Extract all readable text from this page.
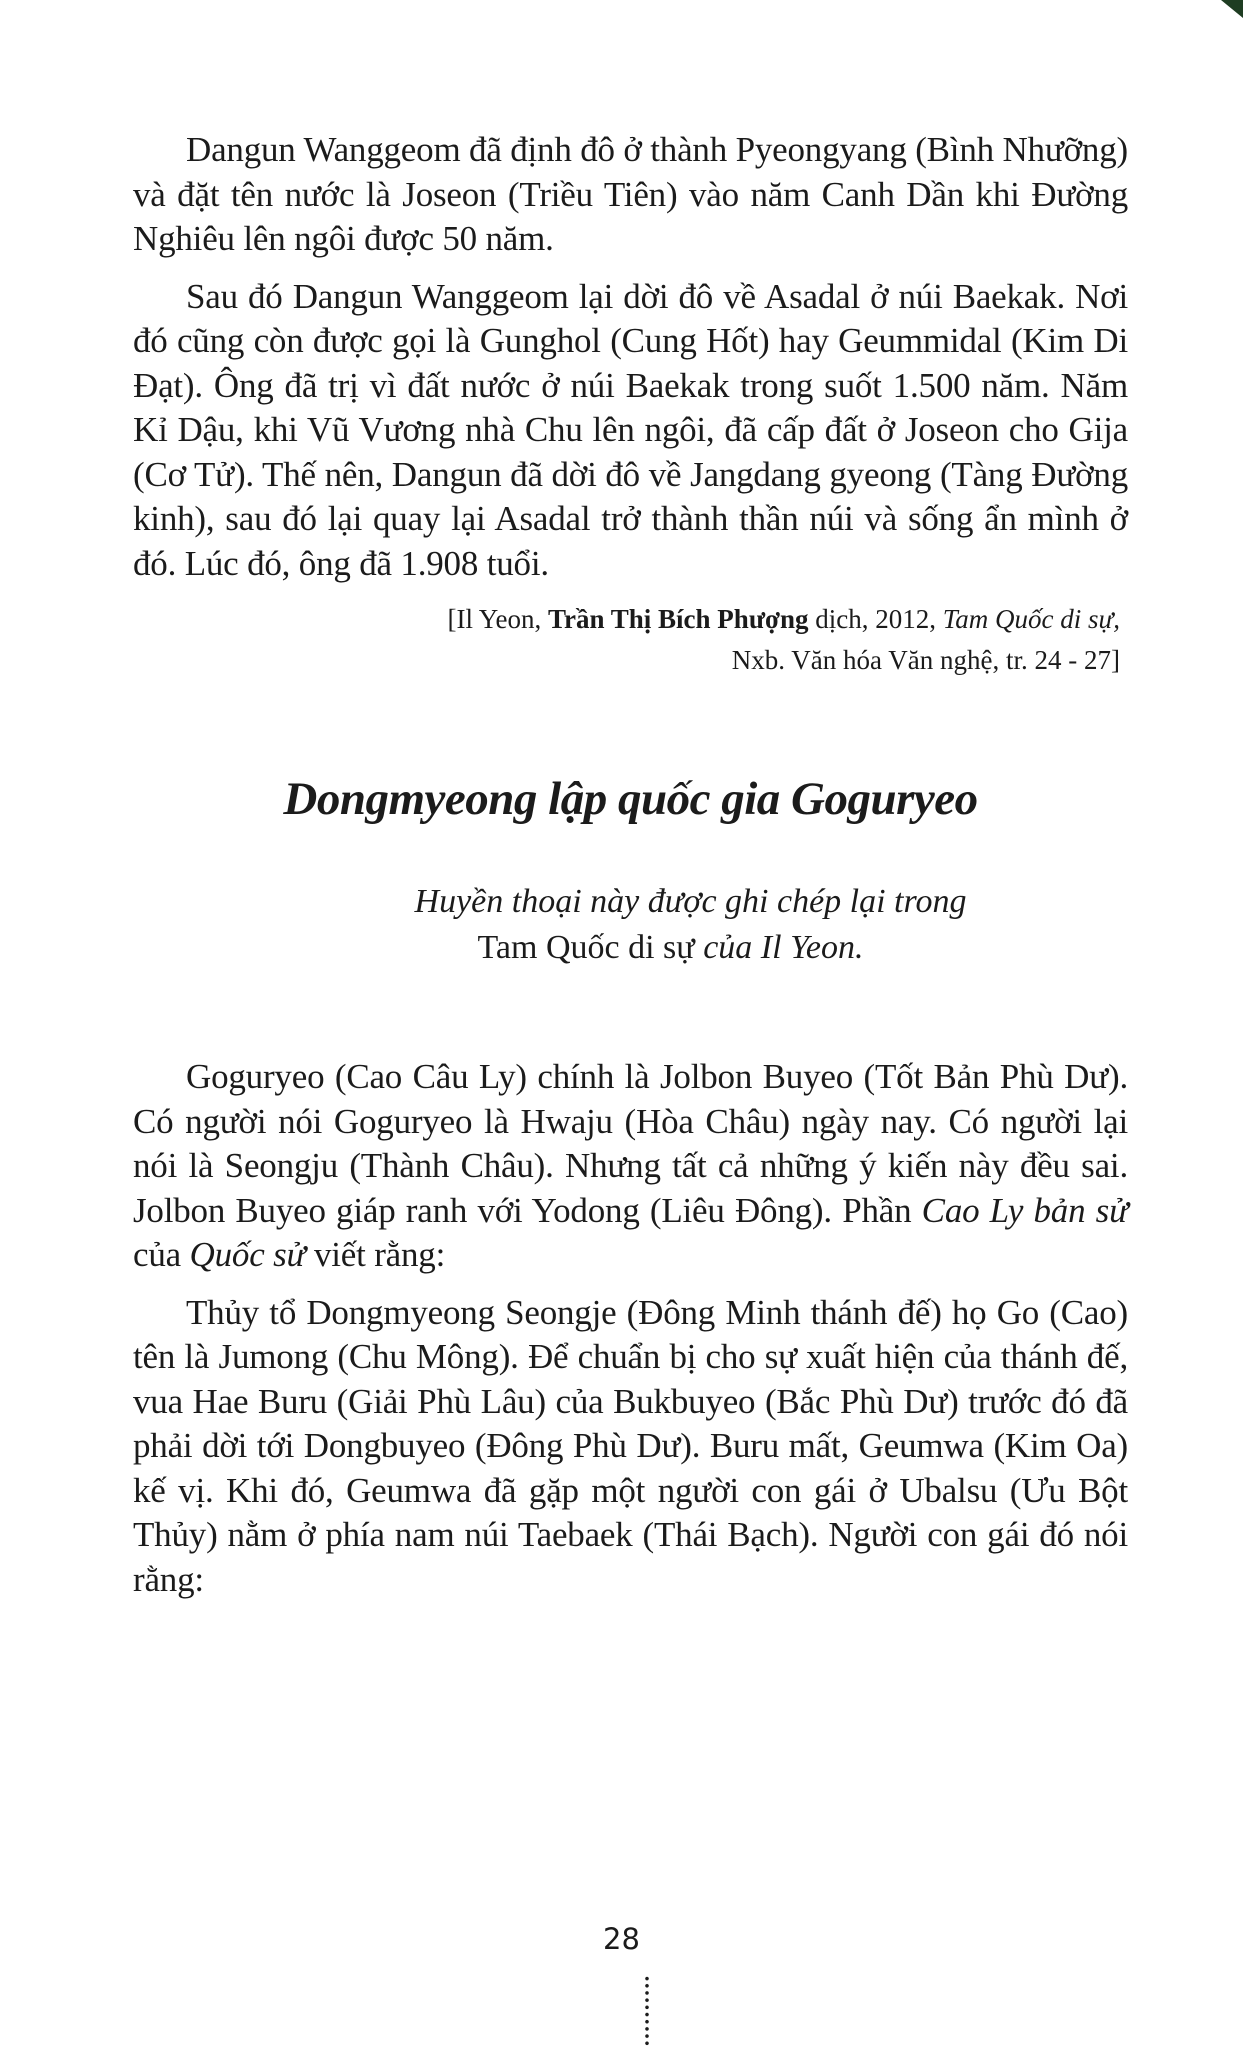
Dangun Wanggeom đã định đô ở thành Pyeongyang (Bình Nhưỡng) và đặt tên nước là Joseon (Triều Tiên) vào năm Canh Dần khi Đường Nghiêu lên ngôi được 50 năm.

Sau đó Dangun Wanggeom lại dời đô về Asadal ở núi Baekak. Nơi đó cũng còn được gọi là Gunghol (Cung Hốt) hay Geummidal (Kim Di Đạt). Ông đã trị vì đất nước ở núi Baekak trong suốt 1.500 năm. Năm Kỉ Dậu, khi Vũ Vương nhà Chu lên ngôi, đã cấp đất ở Joseon cho Gija (Cơ Tử). Thế nên, Dangun đã dời đô về Jangdang gyeong (Tàng Đường kinh), sau đó lại quay lại Asadal trở thành thần núi và sống ẩn mình ở đó. Lúc đó, ông đã 1.908 tuổi.

[Il Yeon, Trần Thị Bích Phượng dịch, 2012, Tam Quốc di sự,
Nxb. Văn hóa Văn nghệ, tr. 24 - 27]
Dongmyeong lập quốc gia Goguryeo
Huyền thoại này được ghi chép lại trong
Tam Quốc di sự của Il Yeon.

Goguryeo (Cao Câu Ly) chính là Jolbon Buyeo (Tốt Bản Phù Dư). Có người nói Goguryeo là Hwaju (Hòa Châu) ngày nay. Có người lại nói là Seongju (Thành Châu). Nhưng tất cả những ý kiến này đều sai. Jolbon Buyeo giáp ranh với Yodong (Liêu Đông). Phần Cao Ly bản sử của Quốc sử viết rằng:

Thủy tổ Dongmyeong Seongje (Đông Minh thánh đế) họ Go (Cao) tên là Jumong (Chu Mông). Để chuẩn bị cho sự xuất hiện của thánh đế, vua Hae Buru (Giải Phù Lâu) của Bukbuyeo (Bắc Phù Dư) trước đó đã phải dời tới Dongbuyeo (Đông Phù Dư). Buru mất, Geumwa (Kim Oa) kế vị. Khi đó, Geumwa đã gặp một người con gái ở Ubalsu (Ưu Bột Thủy) nằm ở phía nam núi Taebaek (Thái Bạch). Người con gái đó nói rằng:

28
